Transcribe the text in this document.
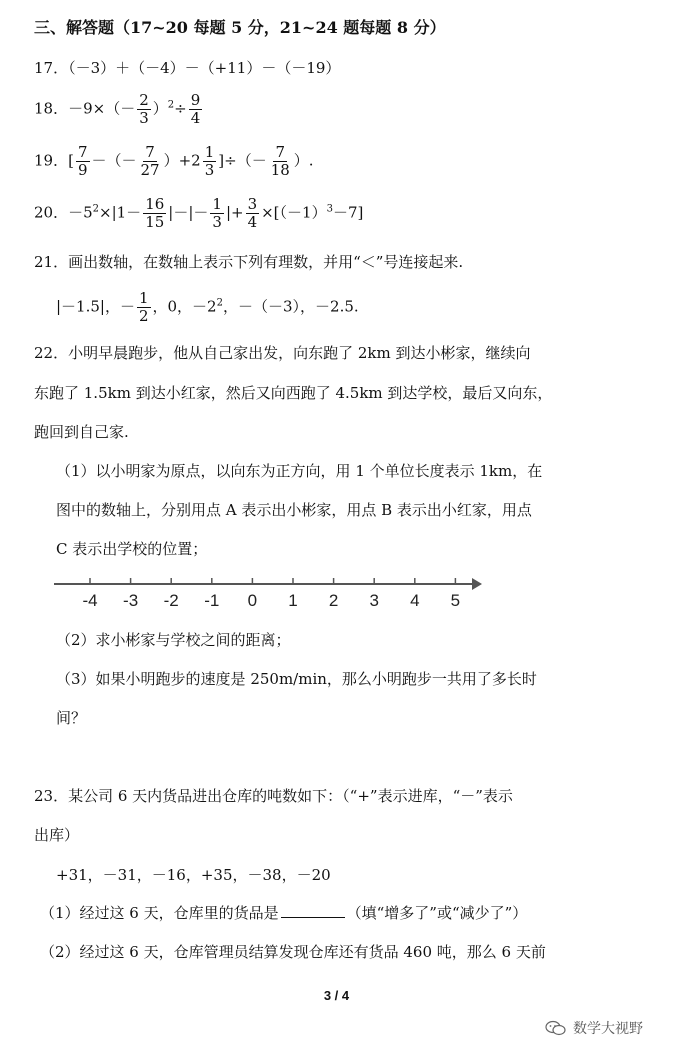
三、解答题（17~20 每题 5 分，21~24 题每题 8 分）
17．（－3）＋（－4）－（+11）－（－19）
18．$-9\times(- \frac{2}{3} )^2\div \frac{9}{4}$
19．[ $\frac{7}{9}$ －（－ $\frac{7}{27} )+2 \frac{1}{3}$ ]÷（－ $\frac{7}{18}$ ）.
20．$-5^2\times|1- \frac{16}{15}$ |－|－ $\frac{1}{3}$ |+ $\frac{3}{4} \times[(-1)^3-7]$
21．画出数轴，在数轴上表示下列有理数，并用“＜”号连接起来.
|－1.5|，－ $\frac{1}{2}$ ，0，$-2^2$，－（－3），－2.5.
22．小明早晨跑步，他从自己家出发，向东跑了 2km 到达小彬家，继续向
东跑了 1.5km 到达小红家，然后又向西跑了 4.5km 到达学校，最后又向东，
跑回到自己家.
（1）以小明家为原点，以向东为正方向，用 1 个单位长度表示 1km，在
图中的数轴上，分别用点 A 表示出小彬家，用点 B 表示出小红家，用点
C 表示出学校的位置；
-4 -3 -2 -1 0 1 2 3 4 5
（2）求小彬家与学校之间的距离；
（3）如果小明跑步的速度是 250m/min，那么小明跑步一共用了多长时
间？
23．某公司 6 天内货品进出仓库的吨数如下：（“+”表示进库，“－”表示
出库）
+31，－31，－16，+35，－38，－20
（1）经过这 6 天，仓库里的货品是	（填“增多了”或“减少了”）
（2）经过这 6 天，仓库管理员结算发现仓库还有货品 460 吨，那么 6 天前
3 / 4
数学大视野
